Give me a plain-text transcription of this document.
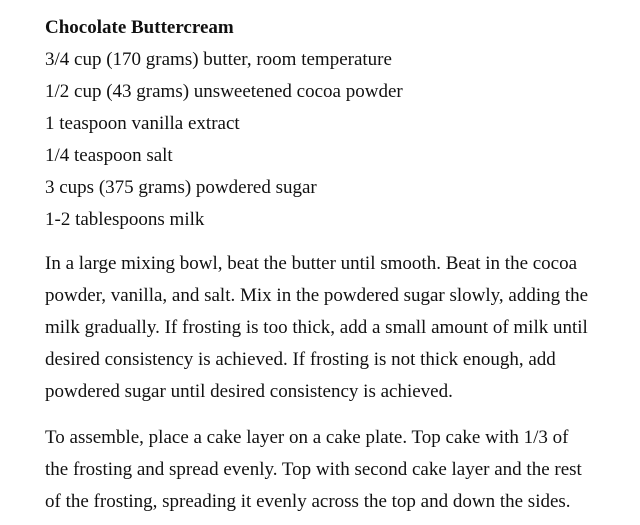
Chocolate Buttercream
3/4 cup (170 grams) butter, room temperature
1/2 cup (43 grams) unsweetened cocoa powder
1 teaspoon vanilla extract
1/4 teaspoon salt
3 cups (375 grams) powdered sugar
1-2 tablespoons milk

In a large mixing bowl, beat the butter until smooth. Beat in the cocoa
powder, vanilla, and salt. Mix in the powdered sugar slowly, adding the
milk gradually. If frosting is too thick, add a small amount of milk until
desired consistency is achieved. If frosting is not thick enough, add
powdered sugar until desired consistency is achieved.

To assemble, place a cake layer on a cake plate. Top cake with 1/3 of
the frosting and spread evenly. Top with second cake layer and the rest
of the frosting, spreading it evenly across the top and down the sides.
